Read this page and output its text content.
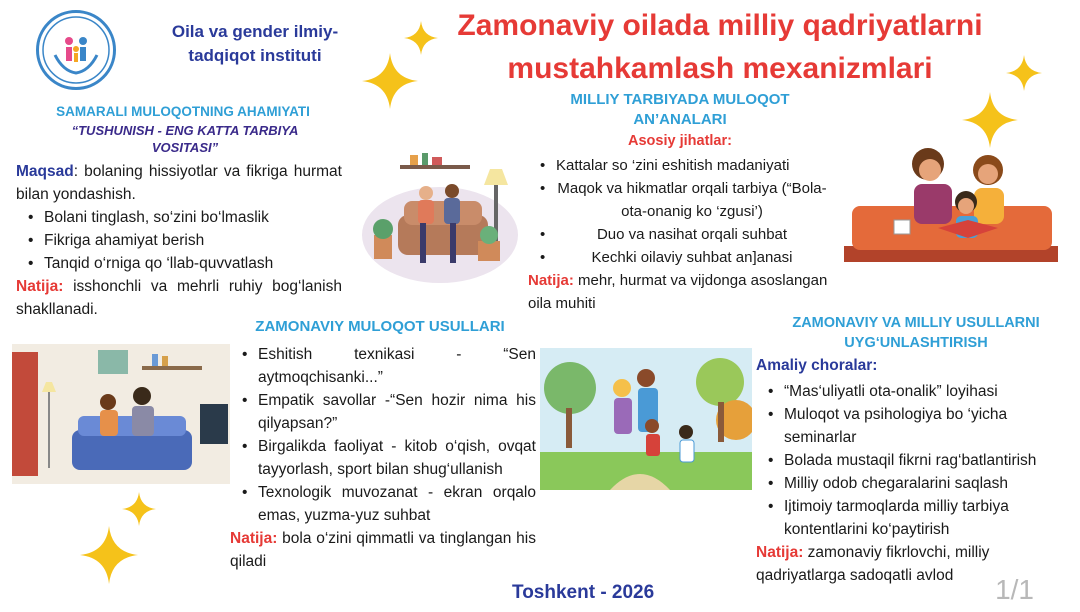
Oila va gender ilmiy-tadqiqot instituti
Zamonaviy oilada milliy qadriyatlarni mustahkamlash mexanizmlari
SAMARALI MULOQOTNING AHAMIYATI
“TUSHUNISH - ENG KATTA TARBIYA VOSITASI”
Maqsad: bolaning hissiyotlar va fikriga hurmat bilan yondashish.
• Bolani tinglash, so‘zini bo‘lmaslik
• Fikriga ahamiyat berish
• Tanqid o‘rniga qo ‘llab-quvvatlash
Natija: isshonchli va mehrli ruhiy bog‘lanish shakllanadi.
MILLIY TARBIYADA MULOQOT AN’ANALARI
Asosiy jihatlar:
• Kattalar so ‘zini eshitish madaniyati
• Maqok va hikmatlar orqali tarbiya (“Bola-ota-onanig ko ‘zgusi’)
• Duo va nasihat orqali suhbat
• Kechki oilaviy suhbat an]anasi
Natija: mehr, hurmat va vijdonga asoslangan oila muhiti
ZAMONAVIY MULOQOT USULLARI
• Eshitish texnikasi - “Sen aytmoqchisanki...”
• Empatik savollar -“Sen hozir nima his qilyapsan?”
• Birgalikda faoliyat - kitob o‘qish, ovqat tayyorlash, sport bilan shug‘ullanish
• Texnologik muvozanat - ekran orqalo emas, yuzma-yuz suhbat
Natija: bola o‘zini qimmatli va tinglangan his qiladi
ZAMONAVIY VA MILLIY USULLARNI UYG‘UNLASHTIRISH
Amaliy choralar:
• “Mas‘uliyatli ota-onalik” loyihasi
• Muloqot va psihologiya bo ‘yicha seminarlar
• Bolada mustaqil fikrni rag‘batlantirish
• Milliy odob chegaralarini saqlash
• Ijtimoiy tarmoqlarda milliy tarbiya kontentlarini ko‘paytirish
Natija: zamonaviy fikrlovchi, milliy qadriyatlarga sadoqatli avlod
Toshkent - 2026	1/1
